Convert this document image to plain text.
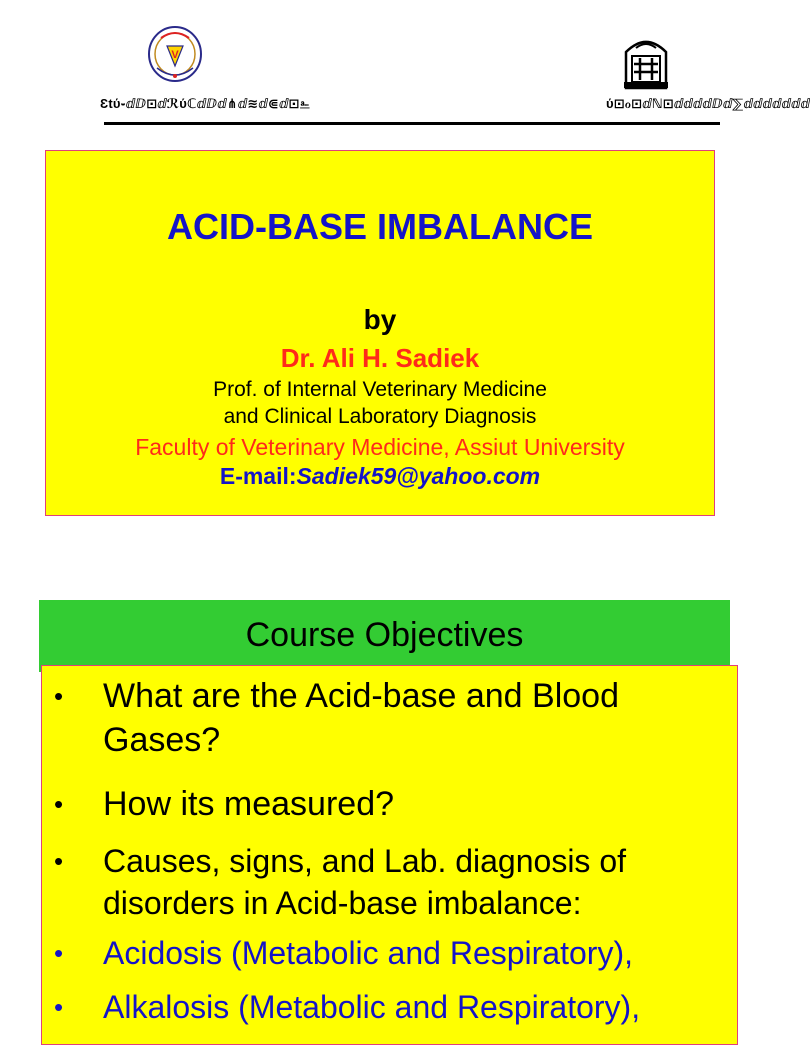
V
Ɛtύ֊ⅆⅅ⊡ⅆℛύℂⅆⅅⅆ⋔ⅆ≋ⅆ⋐ⅆ⊡⎁	ύ⊡ℴ⊡ⅆℕ⊡ⅆⅆⅆⅆⅅⅆ⅀ⅆⅆⅆⅆⅆⅆⅆ
ACID-BASE IMBALANCE
by
Dr. Ali H. Sadiek
Prof. of Internal Veterinary Medicine
and Clinical Laboratory Diagnosis
Faculty of Veterinary Medicine, Assiut University
E-mail:Sadiek59@yahoo.com
Course Objectives
• What are the Acid-base and Blood Gases?
• How its measured?
• Causes, signs, and Lab. diagnosis of disorders in Acid-base imbalance:
• Acidosis (Metabolic and Respiratory),
• Alkalosis (Metabolic and Respiratory),
